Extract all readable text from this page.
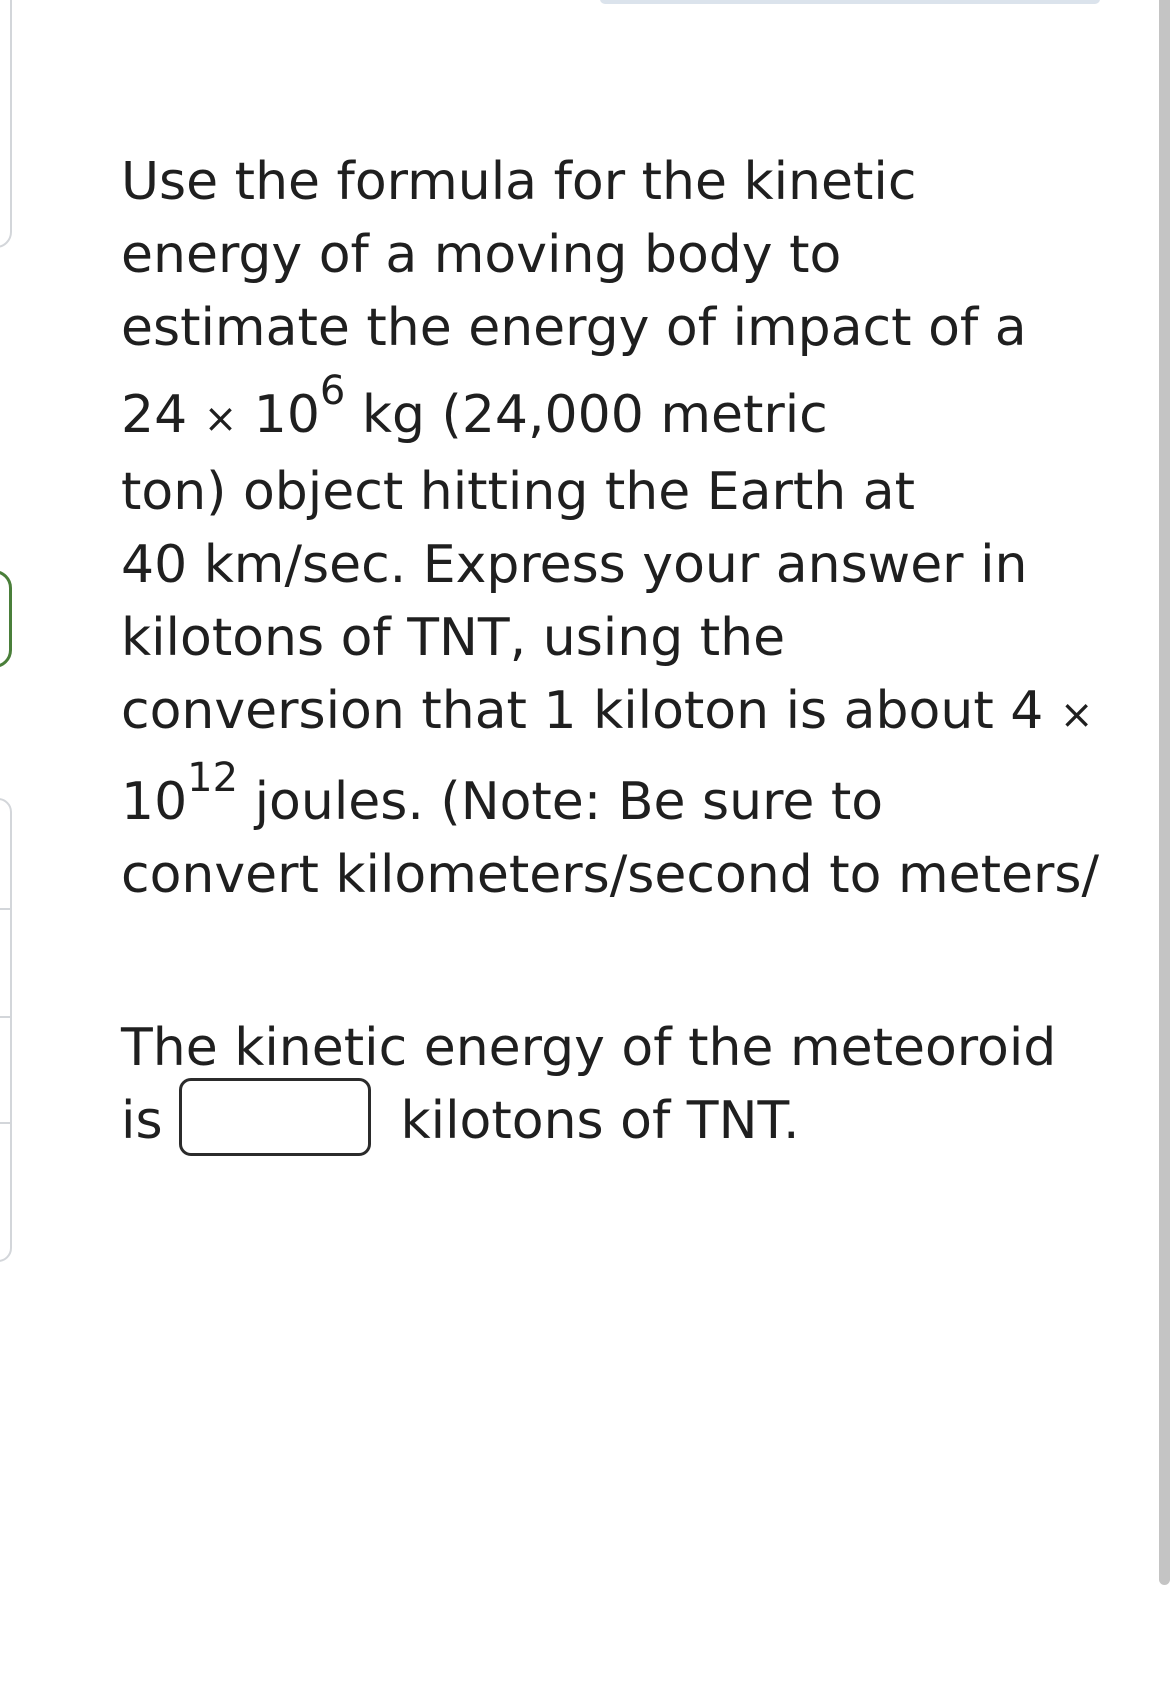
Use the formula for the kinetic
energy of a moving body to
estimate the energy of impact of a
$24 \times 10^6$ kg (24,000 metric
ton) object hitting the Earth at
40 km/sec. Express your answer in
kilotons of TNT, using the
conversion that 1 kiloton is about 4 ×
$10^{12}$ joules. (Note: Be sure to
convert kilometers/second to meters/
The kinetic energy of the meteoroid
is	kilotons of TNT.
